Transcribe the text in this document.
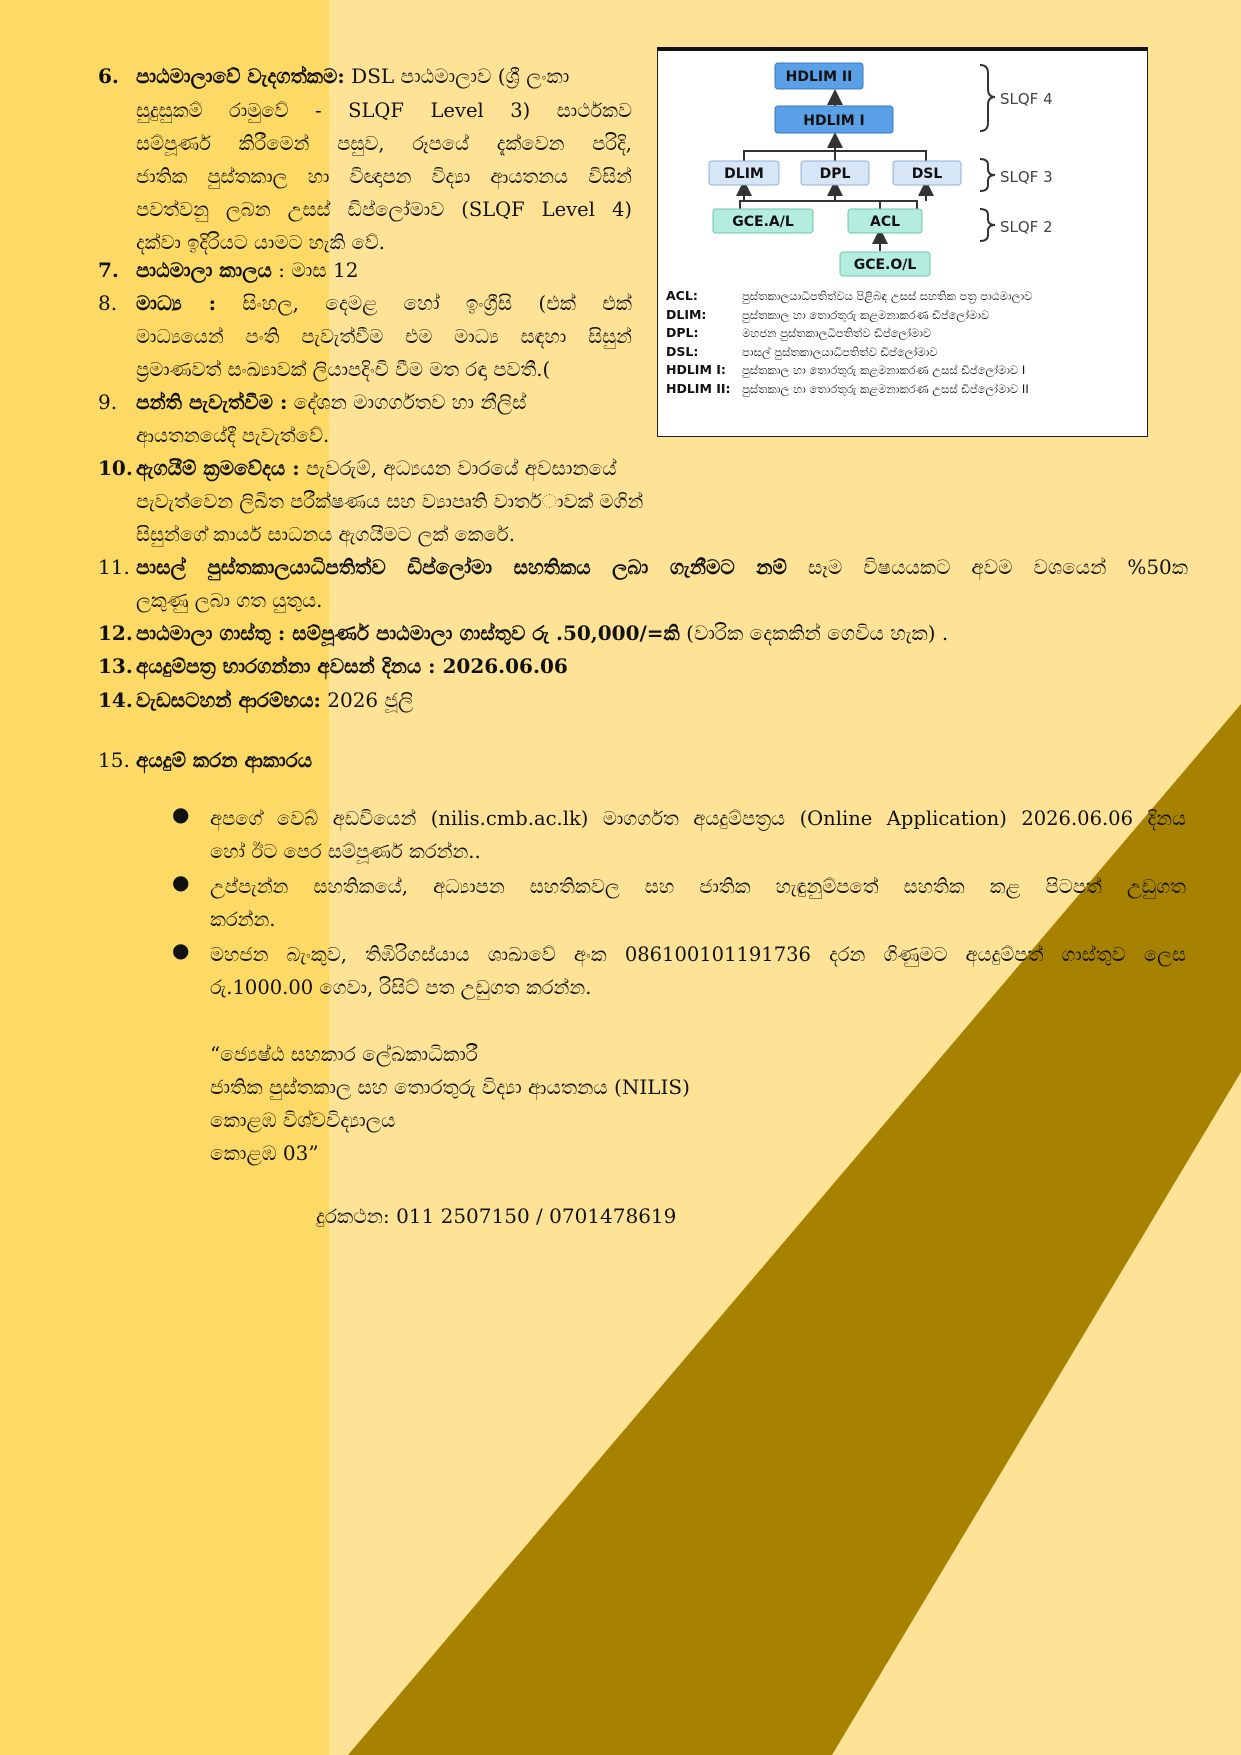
6. පාඨමාලාවේ වැදගත්කම: DSL පාඨමාලාව (ශ්‍රී ලංකා
සුදුසුකම් රාමුවේ - SLQF Level 3) සාර්ථකව
සම්පූර්ණ කිරීමෙන් පසුව, රූපයේ දැක්වෙන පරිදි,
ජාතික පුස්තකාල හා විඥාපන විද්‍යා ආයතනය විසින්
පවත්වනු ලබන උසස් ඩිප්ලෝමාව (SLQF Level 4)
දක්වා ඉදිරියට යාමට හැකි වේ.
7. පාඨමාලා කාලය : මාස 12
8. මාධ්‍ය : සිංහල, දෙමළ හෝ ඉංග්‍රීසි (එක් එක්
මාධ්‍යයෙන් පංති පැවැත්වීම එම මාධ්‍ය සඳහා සිසුන්
ප්‍රමාණවත් සංඛ්‍යාවක් ලියාපදිංචි වීම මත රඳා පවතී.(
9. පන්ති පැවැත්වීම : දේශන මාගර්ගතව හා නීලිස්
ආයතනයේදී පැවැත්වේ.
10. ඇගයීම් ක්‍රමවේදය : පැවරුම්, අධ්‍යයන වාරයේ අවසානයේ
පැවැත්වෙන ලිඛිත පරීක්ෂණය සහ ව්‍යාපෘති වාතර්ාවක් මගින්
සිසුන්ගේ කාර්ය සාධනය ඇගයීමට ලක් කෙරේ.
11. පාසල් පුස්තකාලයාධිපතිත්ව ඩිප්ලෝමා සහතිකය ලබා ගැනීමට නම් සෑම විෂයයකට අවම වශයෙන් %50ක
ලකුණු ලබා ගත යුතුය.
12. පාඨමාලා ගාස්තු : සම්පූර්ණ පාඨමාලා ගාස්තුව රු .50,000/=කි (වාරික දෙකකින් ගෙවිය හැක) .
13. අයදුම්පත්‍ර භාරගන්නා අවසන් දිනය : 2026.06.06
14. වැඩසටහන් ආරම්භය: 2026 ජූලි
15. අයදුම් කරන ආකාරය
● අපගේ වෙබ් අඩවියෙන් (nilis.cmb.ac.lk) මාගර්ගත අයදුම්පත්‍රය (Online Application) 2026.06.06 දිනය
හෝ ඊට පෙර සම්පූණර් කරන්න..
● උප්පැන්න සහතිකයේ, අධ්‍යාපන සහතිකවල සහ ජාතික හැඳුනුම්පතේ සහතික කළ පිටපත් උඩුගත
කරන්න.
● මහජන බැංකුව, තිඹිරිගස්යාය ශාඛාවේ අංක 086100101191736 දරන ගිණුමට අයදුම්පත් ගාස්තුව ලෙස
රු.1000.00 ගෙවා, රිසිට් පත උඩුගත කරන්න.
“ජ්‍යෙෂ්ඨ සහකාර ලේඛකාධිකාරී
ජාතික පුස්තකාල සහ තොරතුරු විද්‍යා ආයතනය (NILIS)
කොළඹ විශ්වවිද්‍යාලය
කොළඹ 03”
දුරකථන: 011 2507150 / 0701478619
HDLIM II
HDLIM I
DLIM	DPL	DSL
GCE.A/L	ACL
GCE.O/L
SLQF 4
SLQF 3
SLQF 2
ACL:	පුස්තකාලයාධිපතිත්වය පිළිබඳ උසස් සහතික පත්‍ර පාඨමාලාව
DLIM:	පුස්තකාල හා තොරතුරු කළමනාකරණ ඩිප්ලෝමාව
DPL:	මහජන පුස්තකාලධිපතිත්ව ඩිප්ලෝමාව
DSL:	පාසල් පුස්තකාලයාධිපතිත්ව ඩිප්ලෝමාව
HDLIM I: පුස්තකාල හා තොරතුරු කළමනාකරණ උසස් ඩිප්ලෝමාව I
HDLIM II: පුස්තකාල හා තොරතුරු කළමනාකරණ උසස් ඩිප්ලෝමාව II
